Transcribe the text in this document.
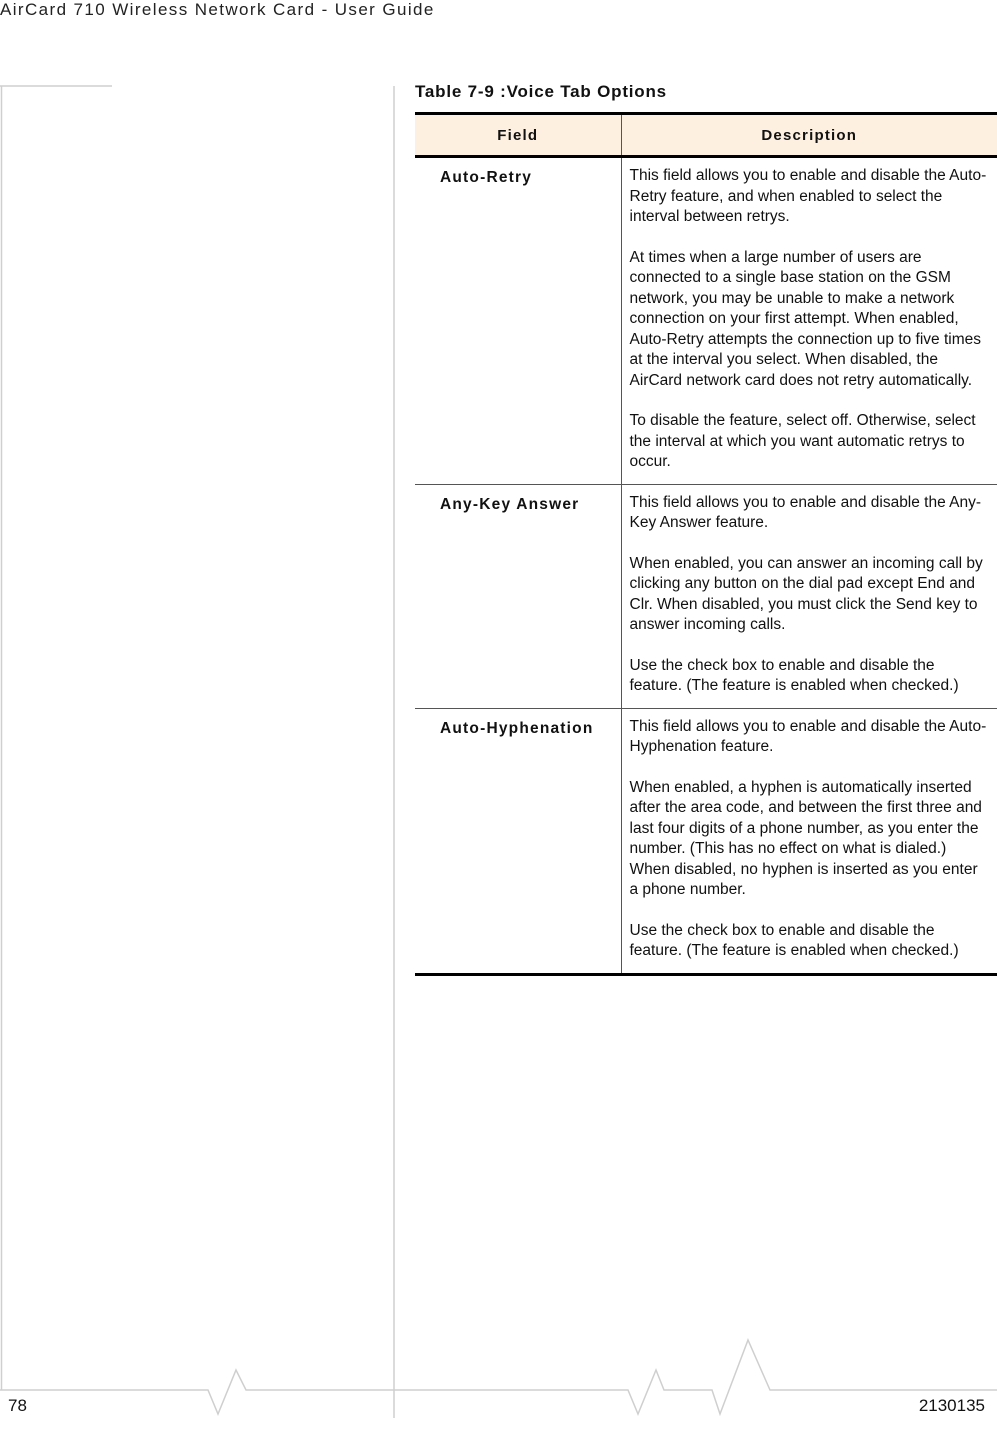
AirCard 710 Wireless Network Card - User Guide
Table 7-9 :Voice Tab Options
Field	Description
Auto-Retry	This field allows you to enable and disable the Auto-Retry feature, and when enabled to select the interval between retrys.

At times when a large number of users are connected to a single base station on the GSM network, you may be unable to make a network connection on your first attempt. When enabled, Auto-Retry attempts the connection up to five times at the interval you select. When disabled, the AirCard network card does not retry automatically.

To disable the feature, select off. Otherwise, select the interval at which you want automatic retrys to occur.

Any-Key Answer	This field allows you to enable and disable the Any-Key Answer feature.

When enabled, you can answer an incoming call by clicking any button on the dial pad except End and Clr. When disabled, you must click the Send key to answer incoming calls.

Use the check box to enable and disable the feature. (The feature is enabled when checked.)

Auto-Hyphenation	This field allows you to enable and disable the Auto-Hyphenation feature.

When enabled, a hyphen is automatically inserted after the area code, and between the first three and last four digits of a phone number, as you enter the number. (This has no effect on what is dialed.) When disabled, no hyphen is inserted as you enter a phone number.

Use the check box to enable and disable the feature. (The feature is enabled when checked.)

78	2130135
